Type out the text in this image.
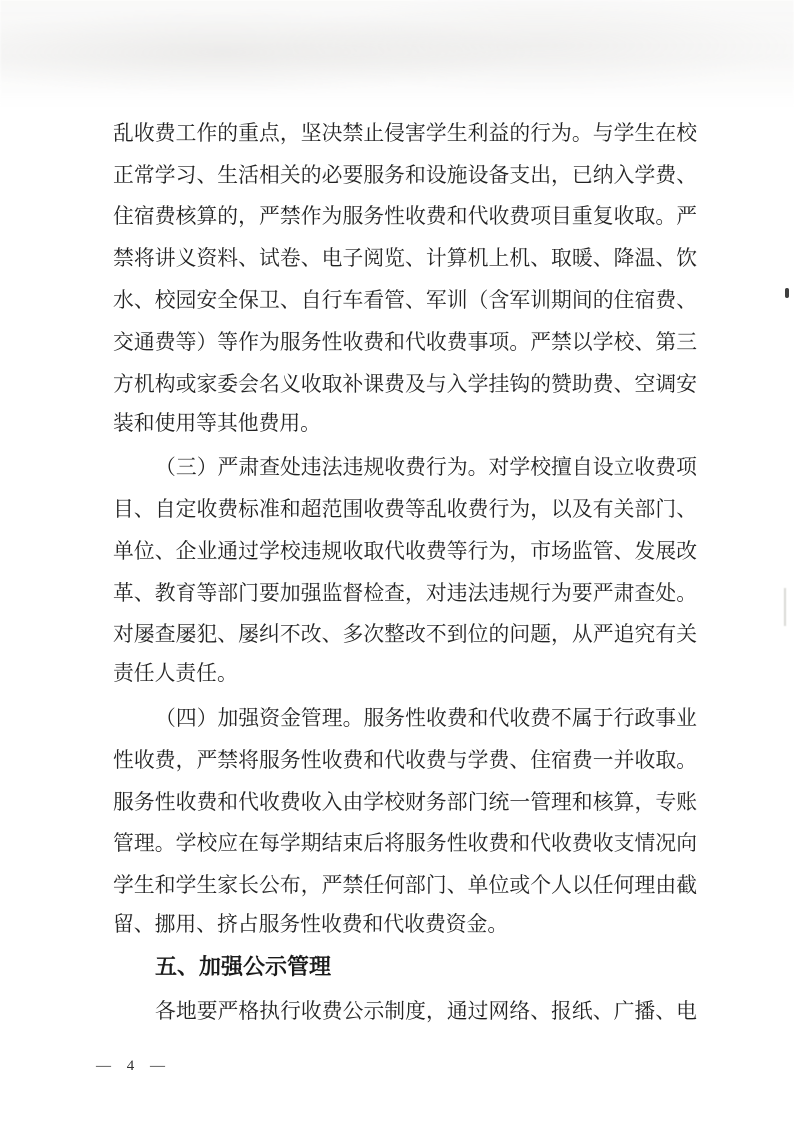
乱 收 费 工 作 的 重 点 ， 坚 决 禁 止 侵 害 学 生 利 益 的 行 为 。 与 学 生 在 校
正 常 学 习 、 生 活 相 关 的 必 要 服 务 和 设 施 设 备 支 出 ， 已 纳 入 学 费 、
住 宿 费 核 算 的 ， 严 禁 作 为 服 务 性 收 费 和 代 收 费 项 目 重 复 收 取 。 严
禁 将 讲 义 资 料 、 试 卷 、 电 子 阅 览 、 计 算 机 上 机 、 取 暖 、 降 温 、 饮
水 、 校 园 安 全 保 卫 、 自 行 车 看 管 、 军 训 （ 含 军 训 期 间 的 住 宿 费 、
交 通 费 等 ） 等 作 为 服 务 性 收 费 和 代 收 费 事 项 。 严 禁 以 学 校 、 第 三
方 机 构 或 家 委 会 名 义 收 取 补 课 费 及 与 入 学 挂 钩 的 赞 助 费 、 空 调 安
装和使用等其他费用。
（ 三 ） 严 肃 查 处 违 法 违 规 收 费 行 为 。 对 学 校 擅 自 设 立 收 费 项
目 、 自 定 收 费 标 准 和 超 范 围 收 费 等 乱 收 费 行 为 ， 以 及 有 关 部 门 、
单 位 、 企 业 通 过 学 校 违 规 收 取 代 收 费 等 行 为 ， 市 场 监 管 、 发 展 改
革 、 教 育 等 部 门 要 加 强 监 督 检 查 ， 对 违 法 违 规 行 为 要 严 肃 查 处 。
对 屡 查 屡 犯 、 屡 纠 不 改 、 多 次 整 改 不 到 位 的 问 题 ， 从 严 追 究 有 关
责任人责任。
（ 四 ） 加 强 资 金 管 理 。 服 务 性 收 费 和 代 收 费 不 属 于 行 政 事 业
性 收 费 ， 严 禁 将 服 务 性 收 费 和 代 收 费 与 学 费 、 住 宿 费 一 并 收 取 。
服 务 性 收 费 和 代 收 费 收 入 由 学 校 财 务 部 门 统 一 管 理 和 核 算 ， 专 账
管 理 。 学 校 应 在 每 学 期 结 束 后 将 服 务 性 收 费 和 代 收 费 收 支 情 况 向
学 生 和 学 生 家 长 公 布 ， 严 禁 任 何 部 门 、 单 位 或 个 人 以 任 何 理 由 截
留、挪用、挤占服务性收费和代收费资金。
五、加强公示管理
各 地 要 严 格 执 行 收 费 公 示 制 度 ， 通 过 网 络 、 报 纸 、 广 播 、 电
— 4 —
